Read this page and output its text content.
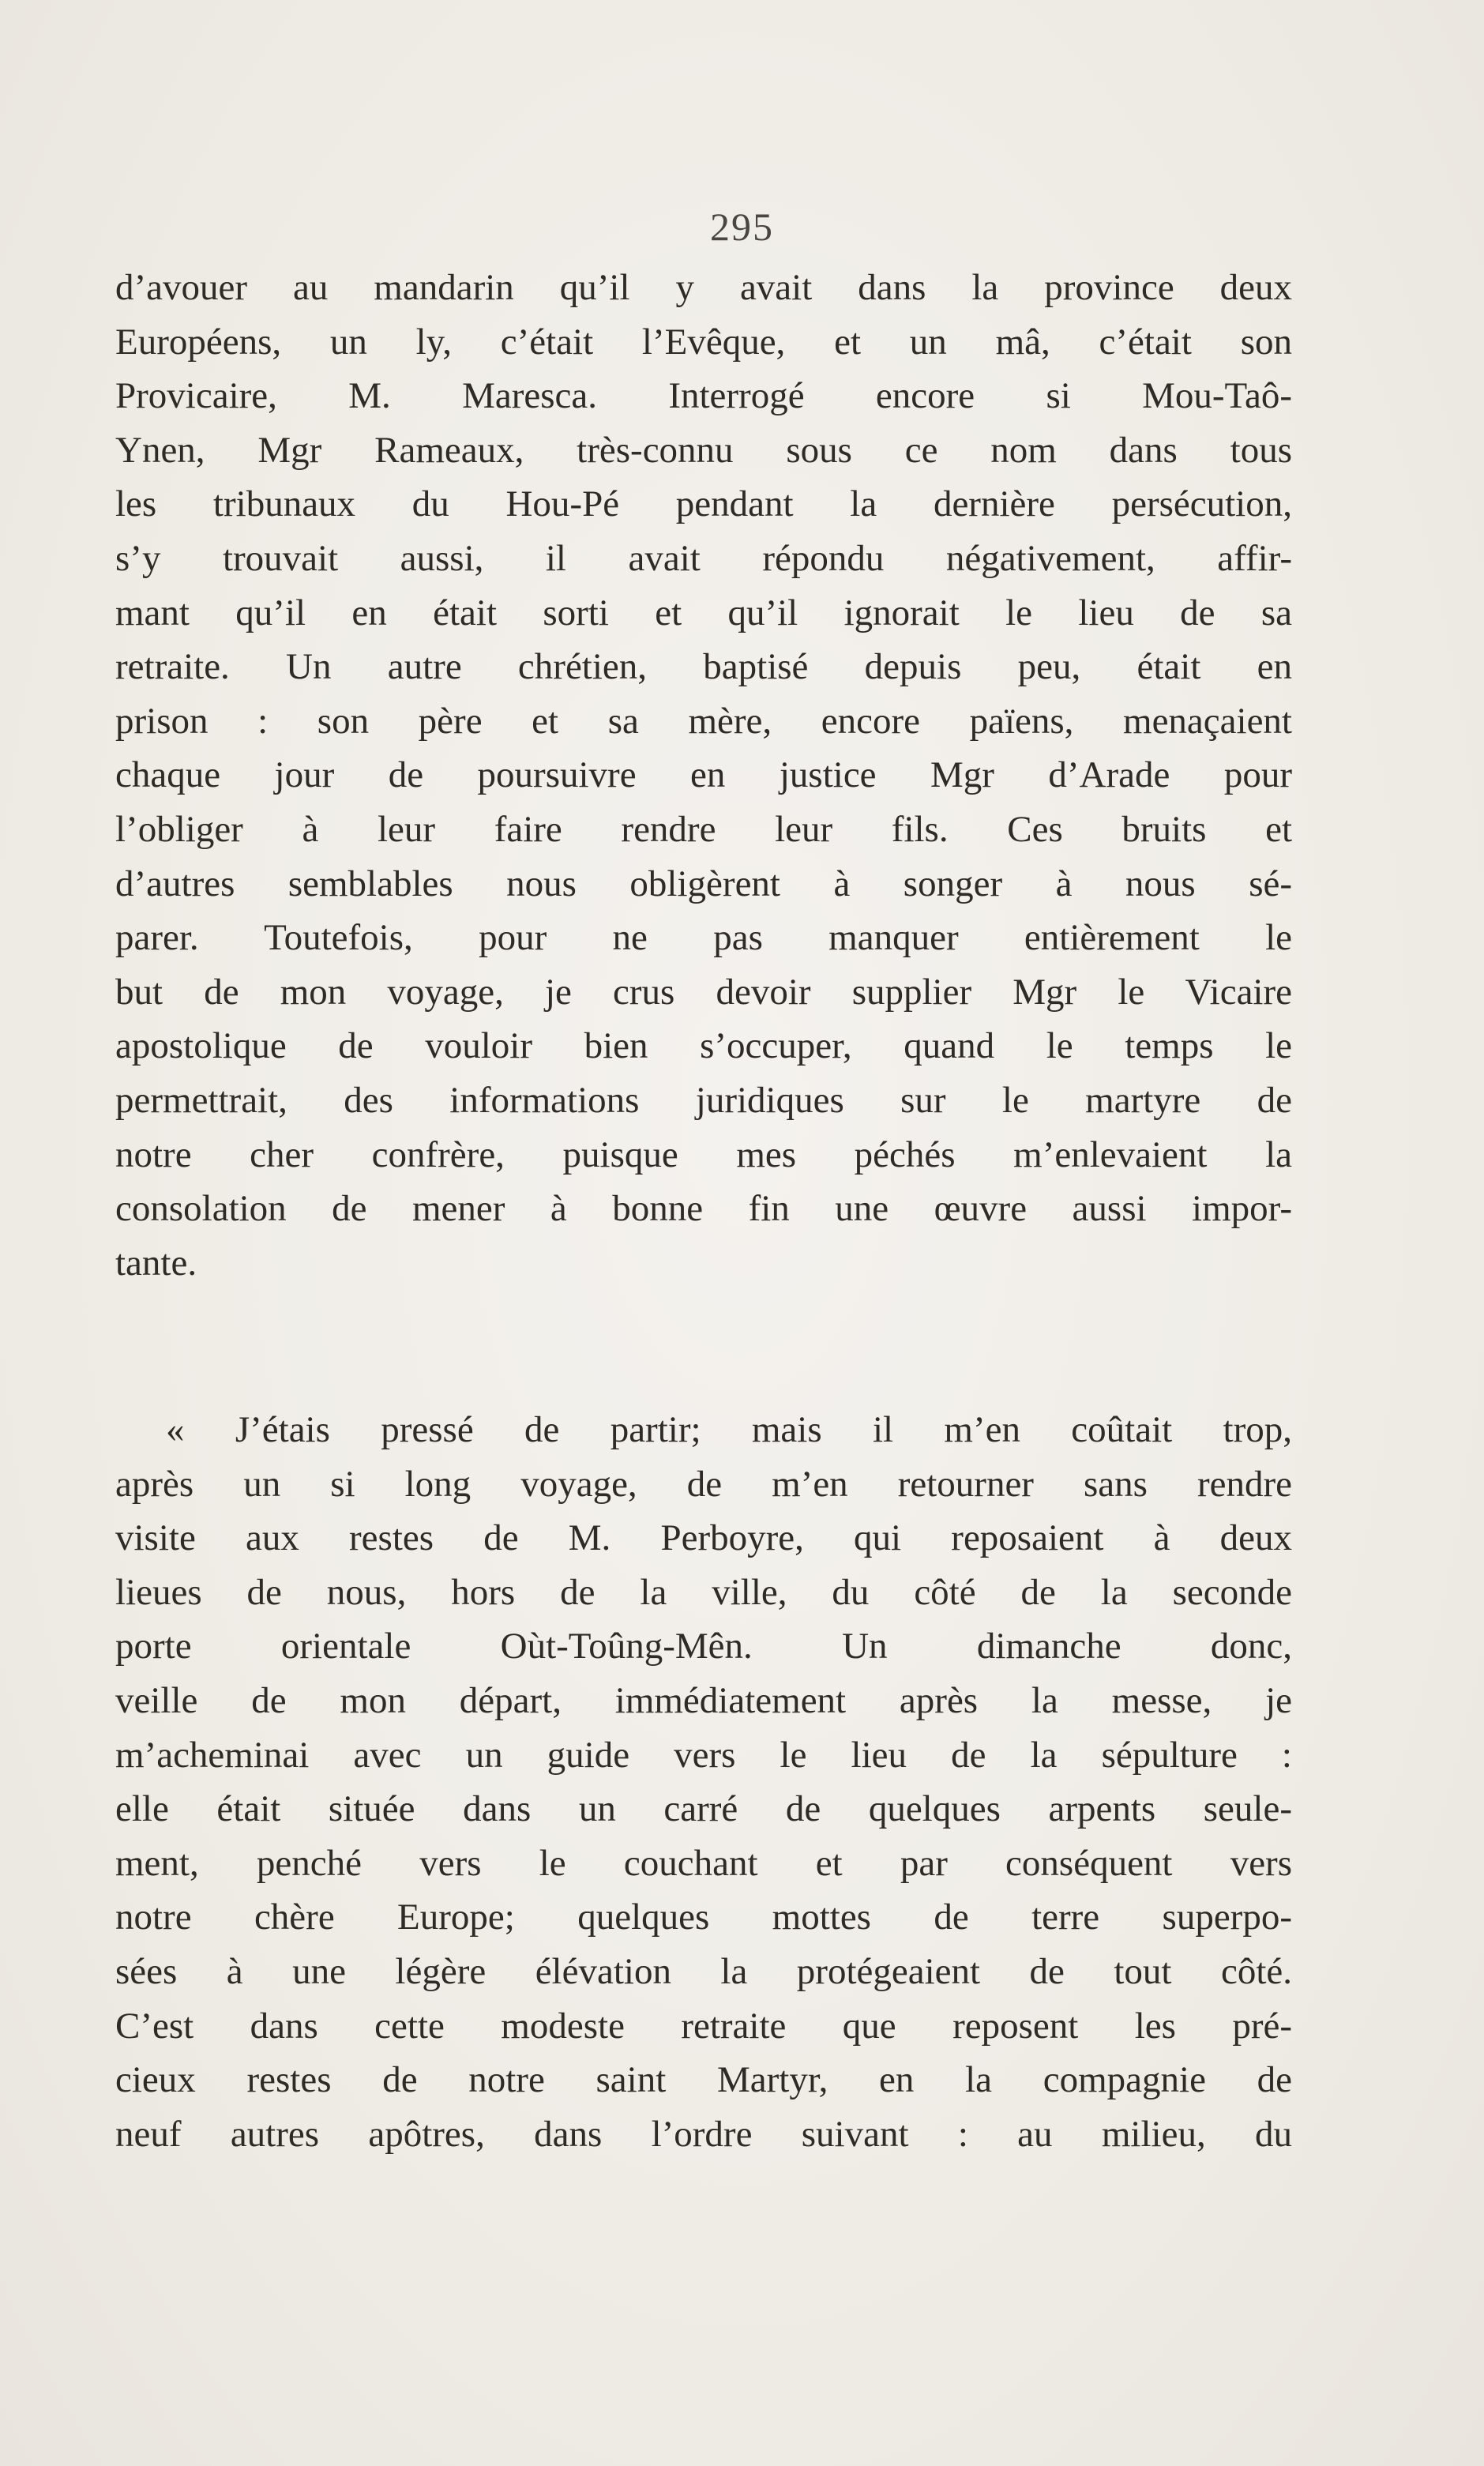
295
d’avouer au mandarin qu’il y avait dans la province deux
Européens, un ly, c’était l’Evêque, et un mâ, c’était son
Provicaire, M. Maresca. Interrogé encore si Mou-Taô-
Ynen, Mgr Rameaux, très-connu sous ce nom dans tous
les tribunaux du Hou-Pé pendant la dernière persécution,
s’y trouvait aussi, il avait répondu négativement, affir-
mant qu’il en était sorti et qu’il ignorait le lieu de sa
retraite. Un autre chrétien, baptisé depuis peu, était en
prison : son père et sa mère, encore païens, menaçaient
chaque jour de poursuivre en justice Mgr d’Arade pour
l’obliger à leur faire rendre leur fils. Ces bruits et
d’autres semblables nous obligèrent à songer à nous sé-
parer. Toutefois, pour ne pas manquer entièrement le
but de mon voyage, je crus devoir supplier Mgr le Vicaire
apostolique de vouloir bien s’occuper, quand le temps le
permettrait, des informations juridiques sur le martyre de
notre cher confrère, puisque mes péchés m’enlevaient la
consolation de mener à bonne fin une œuvre aussi impor-
tante.
« J’étais pressé de partir; mais il m’en coûtait trop,
après un si long voyage, de m’en retourner sans rendre
visite aux restes de M. Perboyre, qui reposaient à deux
lieues de nous, hors de la ville, du côté de la seconde
porte orientale Oùt-Toûng-Mên. Un dimanche donc,
veille de mon départ, immédiatement après la messe, je
m’acheminai avec un guide vers le lieu de la sépulture :
elle était située dans un carré de quelques arpents seule-
ment, penché vers le couchant et par conséquent vers
notre chère Europe; quelques mottes de terre superpo-
sées à une légère élévation la protégeaient de tout côté.
C’est dans cette modeste retraite que reposent les pré-
cieux restes de notre saint Martyr, en la compagnie de
neuf autres apôtres, dans l’ordre suivant : au milieu, du
